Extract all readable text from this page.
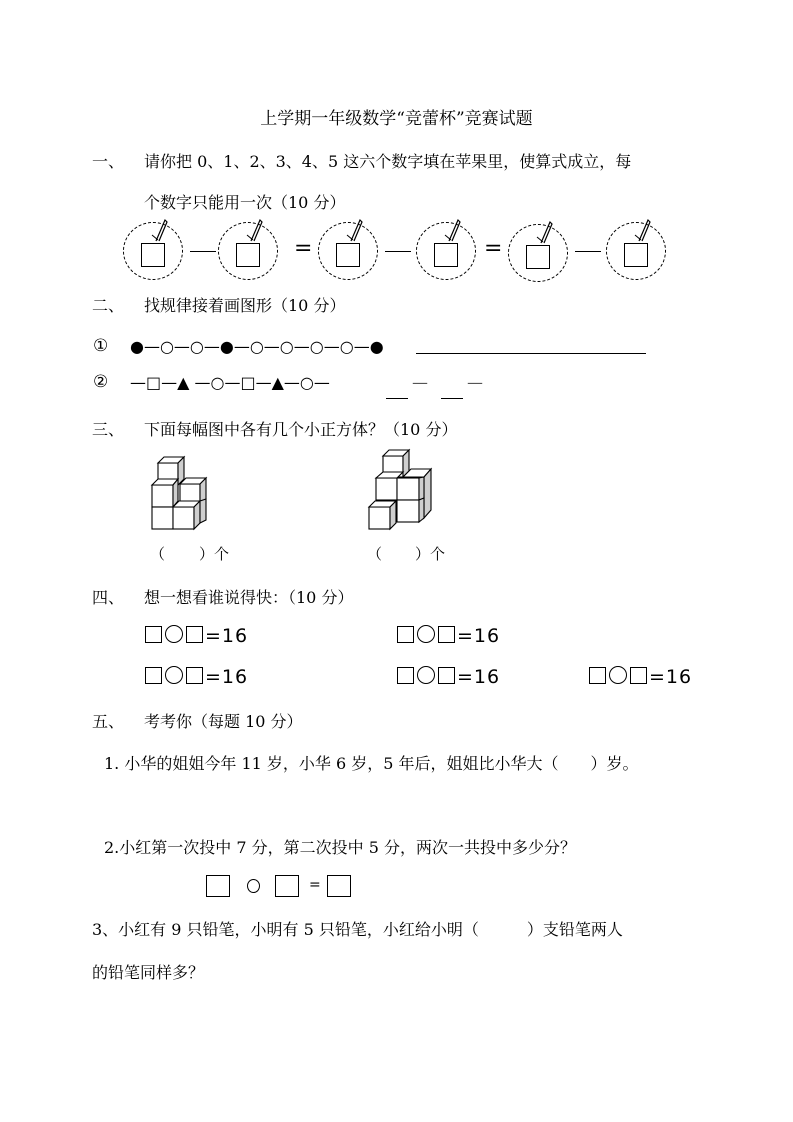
上学期一年级数学“竞蕾杯”竞赛试题
一、 请你把 0、1、2、3、4、5 这六个数字填在苹果里，使算式成立，每
个数字只能用一次（10 分）
=	=
二、 找规律接着画图形（10 分）
① ●—○—○—●—○—○—○—○—●
② —□—▲ —○—□—▲—○—	— —
三、 下面每幅图中各有几个小正方体？（10 分）
（ ）个	（ ）个
四、 想一想看谁说得快：（10 分）
=16	=16
=16	=16	=16
五、 考考你（每题 10 分）
1. 小华的姐姐今年 11 岁，小华 6 岁，5 年后，姐姐比小华大（　　）岁。
2.小红第一次投中 7 分，第二次投中 5 分，两次一共投中多少分？
=
3、小红有 9 只铅笔，小明有 5 只铅笔，小红给小明（　　　）支铅笔两人
的铅笔同样多？
